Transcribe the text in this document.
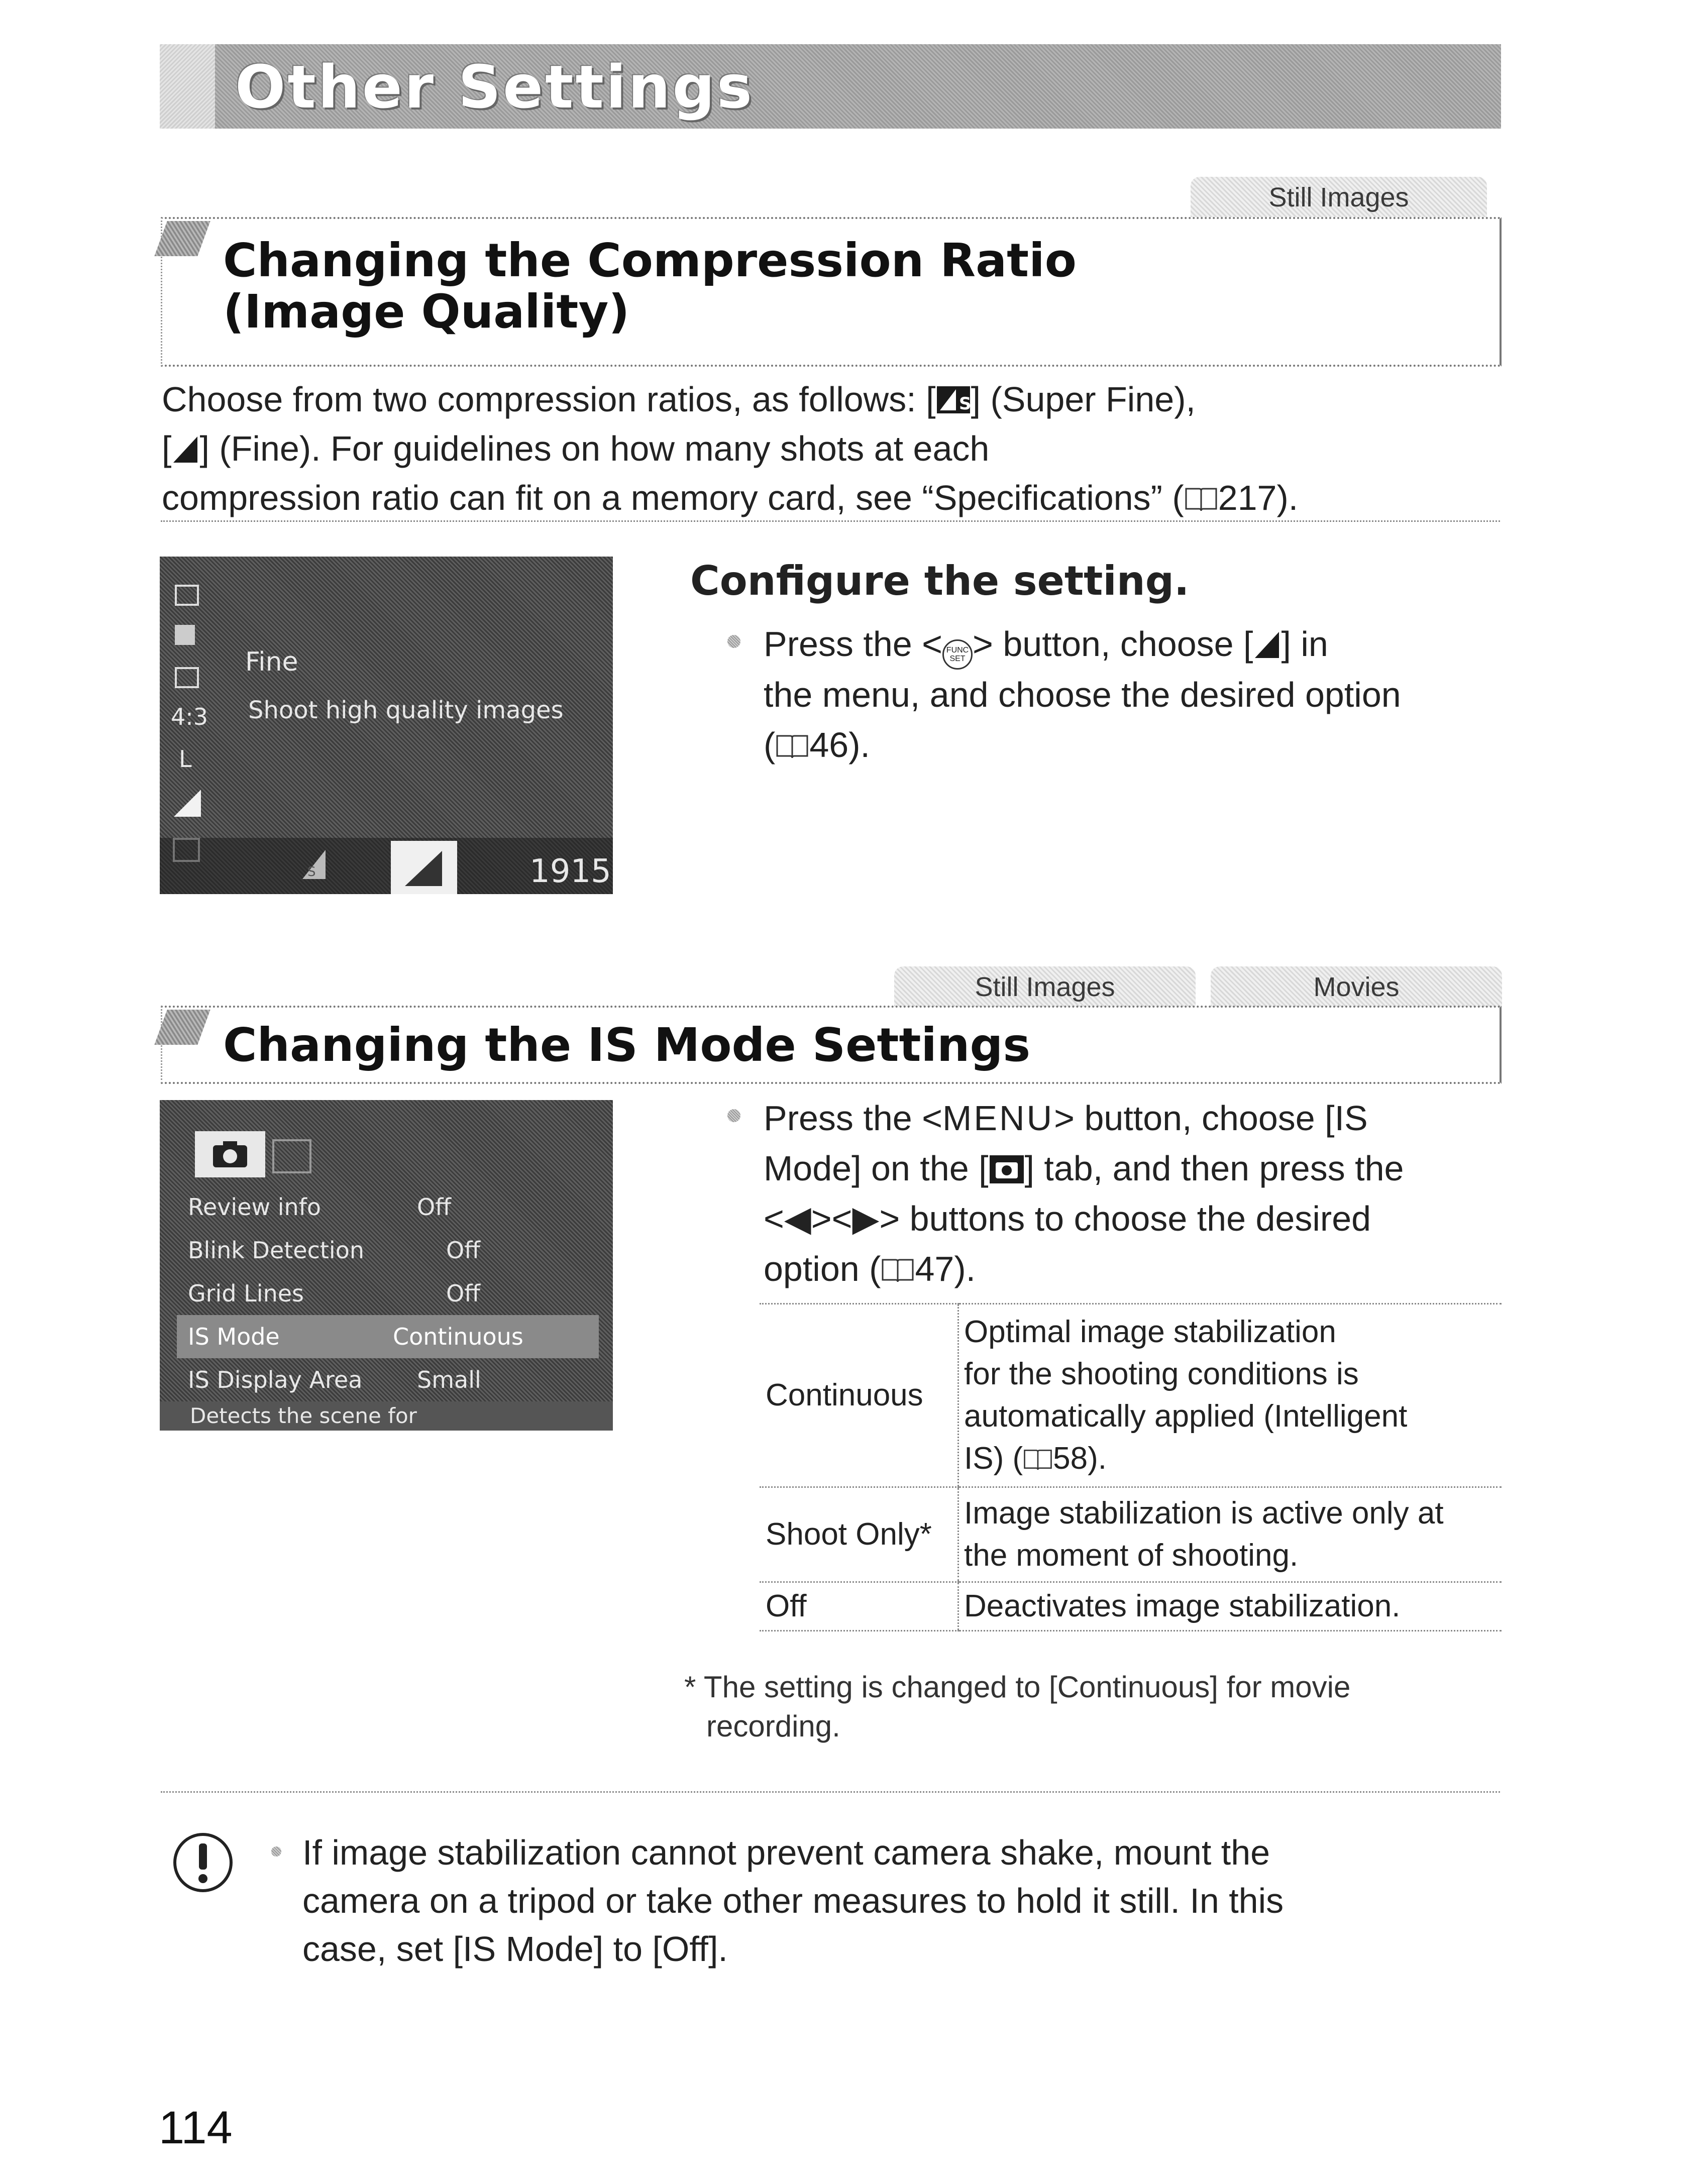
Other Settings
Still Images
Changing the Compression Ratio
(Image Quality)
Choose from two compression ratios, as follows: [ S ] (Super Fine),
[ ] (Fine). For guidelines on how many shots at each
compression ratio can fit on a memory card, see “Specifications” ( 217).
4:3
L
Fine
Shoot high quality images
S	1915
Configure the setting.
Press the < FUNC SET > button, choose [ ] in
the menu, and choose the desired option
( 46).
Still Images	Movies
Changing the IS Mode Settings
Review info	Off
Blink Detection	Off
Grid Lines	Off
IS Mode	Continuous
IS Display Area Small
Detects the scene for
Press the <MENU> button, choose [IS
Mode] on the [ ] tab, and then press the
<◀><▶> buttons to choose the desired
option ( 47).
Continuous	Optimal image stabilization
for the shooting conditions is
automatically applied (Intelligent
IS) ( 58).

Shoot Only*	Image stabilization is active only at
the moment of shooting.

Off	Deactivates image stabilization.
* The setting is changed to [Continuous] for movie
recording.
If image stabilization cannot prevent camera shake, mount the
camera on a tripod or take other measures to hold it still. In this
case, set [IS Mode] to [Off].
114
